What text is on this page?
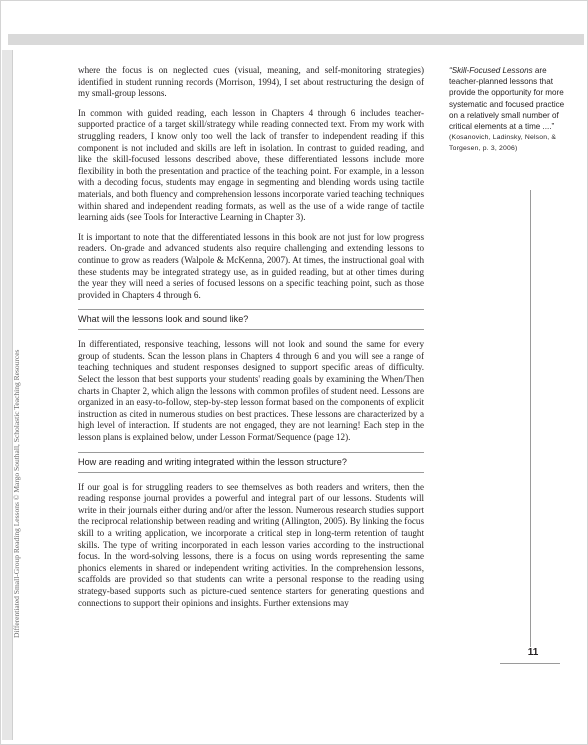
Differentiated Small-Group Reading Lessons © Margo Southall, Scholastic Teaching Resources

where the focus is on neglected cues (visual, meaning, and self-monitoring strategies) identified in student running records (Morrison, 1994), I set about restructuring the design of my small-group lessons.

In common with guided reading, each lesson in Chapters 4 through 6 includes teacher-supported practice of a target skill/strategy while reading connected text. From my work with struggling readers, I know only too well the lack of transfer to independent reading if this component is not included and skills are left in isolation. In contrast to guided reading, and like the skill-focused lessons described above, these differentiated lessons include more flexibility in both the presentation and practice of the teaching point. For example, in a lesson with a decoding focus, students may engage in segmenting and blending words using tactile materials, and both fluency and comprehension lessons incorporate varied teaching techniques within shared and independent reading formats, as well as the use of a wide range of tactile learning aids (see Tools for Interactive Learning in Chapter 3).

It is important to note that the differentiated lessons in this book are not just for low progress readers. On-grade and advanced students also require challenging and extending lessons to continue to grow as readers (Walpole & McKenna, 2007). At times, the instructional goal with these students may be integrated strategy use, as in guided reading, but at other times during the year they will need a series of focused lessons on a specific teaching point, such as those provided in Chapters 4 through 6.

What will the lessons look and sound like?

In differentiated, responsive teaching, lessons will not look and sound the same for every group of students. Scan the lesson plans in Chapters 4 through 6 and you will see a range of teaching techniques and student responses designed to support specific areas of difficulty. Select the lesson that best supports your students' reading goals by examining the When/Then charts in Chapter 2, which align the lessons with common profiles of student need. Lessons are organized in an easy-to-follow, step-by-step lesson format based on the components of explicit instruction as cited in numerous studies on best practices. These lessons are characterized by a high level of interaction. If students are not engaged, they are not learning! Each step in the lesson plans is explained below, under Lesson Format/Sequence (page 12).

How are reading and writing integrated within the lesson structure?

If our goal is for struggling readers to see themselves as both readers and writers, then the reading response journal provides a powerful and integral part of our lessons. Students will write in their journals either during and/or after the lesson. Numerous research studies support the reciprocal relationship between reading and writing (Allington, 2005). By linking the focus skill to a writing application, we incorporate a critical step in long-term retention of taught skills. The type of writing incorporated in each lesson varies according to the instructional focus. In the word-solving lessons, there is a focus on using words representing the same phonics elements in shared or independent writing activities. In the comprehension lessons, scaffolds are provided so that students can write a personal response to the reading using strategy-based supports such as picture-cued sentence starters for generating questions and connections to support their opinions and insights. Further extensions may

“Skill-Focused Lessons are teacher-planned lessons that provide the opportunity for more systematic and focused practice on a relatively small number of critical elements at a time ....”
(Kosanovich, Ladinsky, Nelson, & Torgesen, p. 3, 2006)
11
